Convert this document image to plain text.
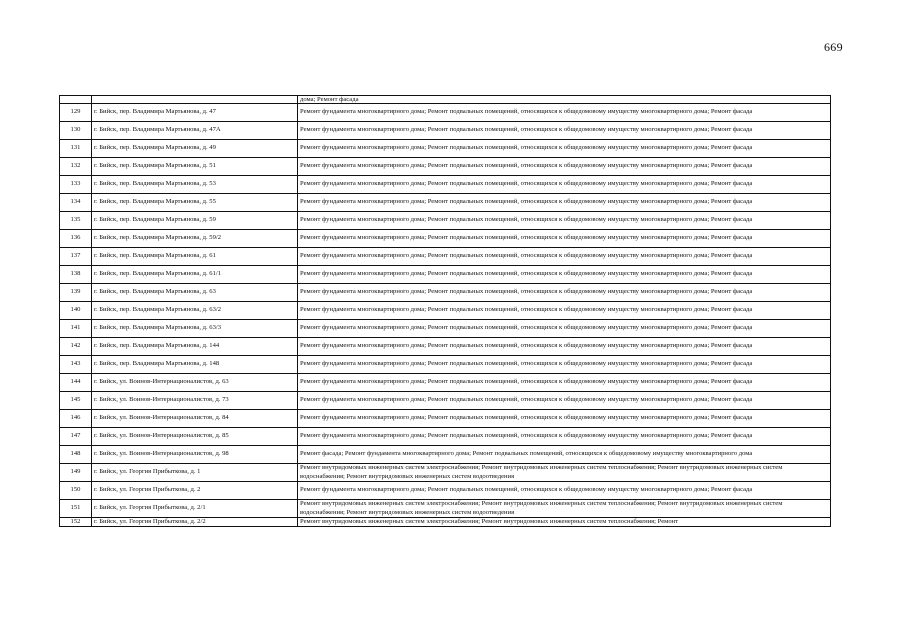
669
		дома; Ремонт фасада
129	г. Бийск, пер. Владимира Мартьянова, д. 47	Ремонт фундамента многоквартирного дома; Ремонт подвальных помещений, относящихся к общедомовому имуществу многоквартирного дома; Ремонт фасада
130	г. Бийск, пер. Владимира Мартьянова, д. 47А	Ремонт фундамента многоквартирного дома; Ремонт подвальных помещений, относящихся к общедомовому имуществу многоквартирного дома; Ремонт фасада
131	г. Бийск, пер. Владимира Мартьянова, д. 49	Ремонт фундамента многоквартирного дома; Ремонт подвальных помещений, относящихся к общедомовому имуществу многоквартирного дома; Ремонт фасада
132	г. Бийск, пер. Владимира Мартьянова, д. 51	Ремонт фундамента многоквартирного дома; Ремонт подвальных помещений, относящихся к общедомовому имуществу многоквартирного дома; Ремонт фасада
133	г. Бийск, пер. Владимира Мартьянова, д. 53	Ремонт фундамента многоквартирного дома; Ремонт подвальных помещений, относящихся к общедомовому имуществу многоквартирного дома; Ремонт фасада
134	г. Бийск, пер. Владимира Мартьянова, д. 55	Ремонт фундамента многоквартирного дома; Ремонт подвальных помещений, относящихся к общедомовому имуществу многоквартирного дома; Ремонт фасада
135	г. Бийск, пер. Владимира Мартьянова, д. 59	Ремонт фундамента многоквартирного дома; Ремонт подвальных помещений, относящихся к общедомовому имуществу многоквартирного дома; Ремонт фасада
136	г. Бийск, пер. Владимира Мартьянова, д. 59/2	Ремонт фундамента многоквартирного дома; Ремонт подвальных помещений, относящихся к общедомовому имуществу многоквартирного дома; Ремонт фасада
137	г. Бийск, пер. Владимира Мартьянова, д. 61	Ремонт фундамента многоквартирного дома; Ремонт подвальных помещений, относящихся к общедомовому имуществу многоквартирного дома; Ремонт фасада
138	г. Бийск, пер. Владимира Мартьянова, д. 61/1	Ремонт фундамента многоквартирного дома; Ремонт подвальных помещений, относящихся к общедомовому имуществу многоквартирного дома; Ремонт фасада
139	г. Бийск, пер. Владимира Мартьянова, д. 63	Ремонт фундамента многоквартирного дома; Ремонт подвальных помещений, относящихся к общедомовому имуществу многоквартирного дома; Ремонт фасада
140	г. Бийск, пер. Владимира Мартьянова, д. 63/2	Ремонт фундамента многоквартирного дома; Ремонт подвальных помещений, относящихся к общедомовому имуществу многоквартирного дома; Ремонт фасада
141	г. Бийск, пер. Владимира Мартьянова, д. 63/3	Ремонт фундамента многоквартирного дома; Ремонт подвальных помещений, относящихся к общедомовому имуществу многоквартирного дома; Ремонт фасада
142	г. Бийск, пер. Владимира Мартьянова, д. 144	Ремонт фундамента многоквартирного дома; Ремонт подвальных помещений, относящихся к общедомовому имуществу многоквартирного дома; Ремонт фасада
143	г. Бийск, пер. Владимира Мартьянова, д. 148	Ремонт фундамента многоквартирного дома; Ремонт подвальных помещений, относящихся к общедомовому имуществу многоквартирного дома; Ремонт фасада
144	г. Бийск, ул. Воинов-Интернационалистов, д. 63	Ремонт фундамента многоквартирного дома; Ремонт подвальных помещений, относящихся к общедомовому имуществу многоквартирного дома; Ремонт фасада
145	г. Бийск, ул. Воинов-Интернационалистов, д. 73	Ремонт фундамента многоквартирного дома; Ремонт подвальных помещений, относящихся к общедомовому имуществу многоквартирного дома; Ремонт фасада
146	г. Бийск, ул. Воинов-Интернационалистов, д. 84	Ремонт фундамента многоквартирного дома; Ремонт подвальных помещений, относящихся к общедомовому имуществу многоквартирного дома; Ремонт фасада
147	г. Бийск, ул. Воинов-Интернационалистов, д. 85	Ремонт фундамента многоквартирного дома; Ремонт подвальных помещений, относящихся к общедомовому имуществу многоквартирного дома; Ремонт фасада
148	г. Бийск, ул. Воинов-Интернационалистов, д. 98	Ремонт фасада; Ремонт фундамента многоквартирного дома; Ремонт подвальных помещений, относящихся к общедомовому имуществу многоквартирного дома
149	г. Бийск, ул. Георгия Прибыткова, д. 1	Ремонт внутридомовых инженерных систем электроснабжения; Ремонт внутридомовых инженерных систем теплоснабжения; Ремонт внутридомовых инженерных систем водоснабжения; Ремонт внутридомовых инженерных систем водоотведения
150	г. Бийск, ул. Георгия Прибыткова, д. 2	Ремонт фундамента многоквартирного дома; Ремонт подвальных помещений, относящихся к общедомовому имуществу многоквартирного дома; Ремонт фасада
151	г. Бийск, ул. Георгия Прибыткова, д. 2/1	Ремонт внутридомовых инженерных систем электроснабжения; Ремонт внутридомовых инженерных систем теплоснабжения; Ремонт внутридомовых инженерных систем водоснабжения; Ремонт внутридомовых инженерных систем водоотведения
152	г. Бийск, ул. Георгия Прибыткова, д. 2/2	Ремонт внутридомовых инженерных систем электроснабжения; Ремонт внутридомовых инженерных систем теплоснабжения; Ремонт
